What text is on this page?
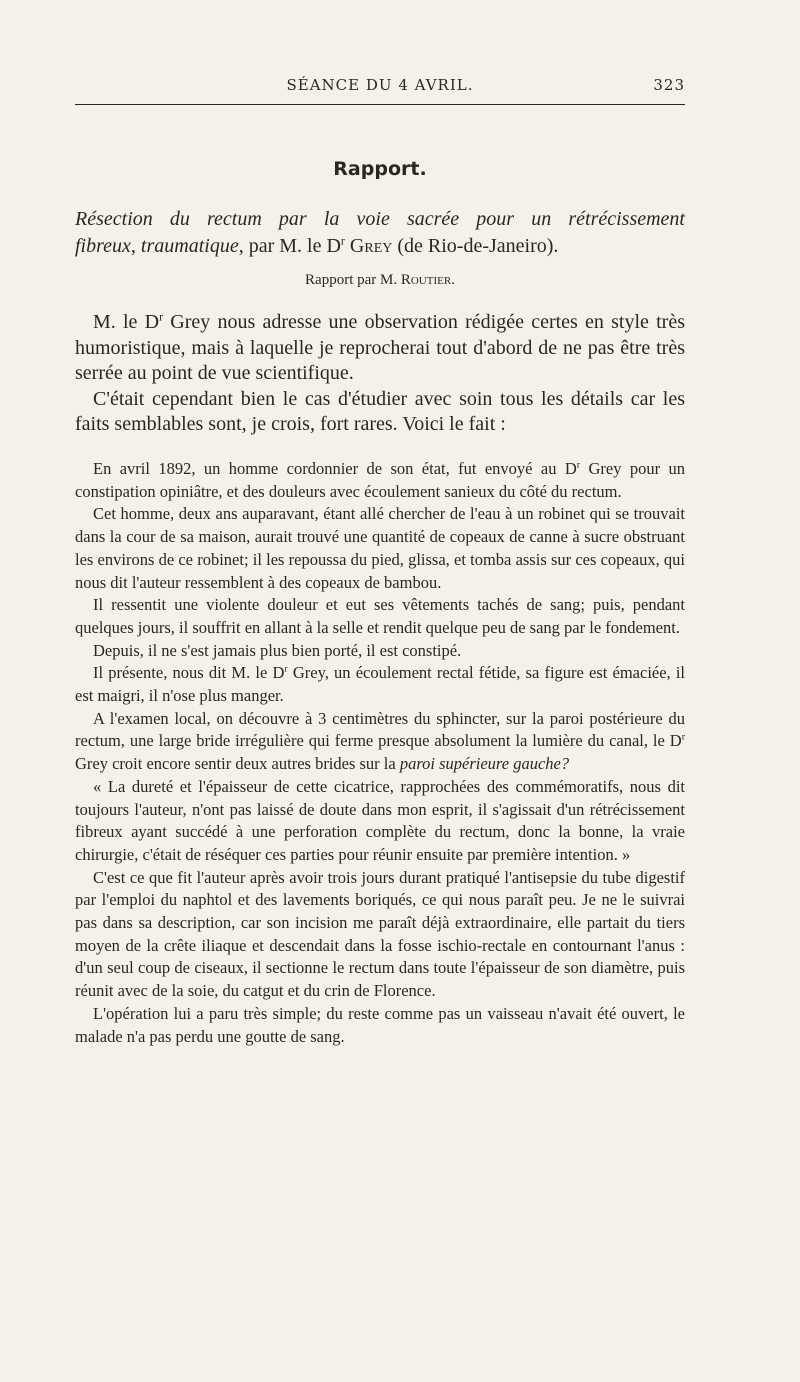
SÉANCE DU 4 AVRIL.	323
Rapport.
Résection du rectum par la voie sacrée pour un rétrécissement
fibreux, traumatique, par M. le $D^r$ Grey (de Rio-de-Janeiro).
Rapport par M. Routier.

M. le $D^r$ Grey nous adresse une observation rédigée certes en style très humoristique, mais à laquelle je reprocherai tout d'abord de ne pas être très serrée au point de vue scientifique.

C'était cependant bien le cas d'étudier avec soin tous les détails car les faits semblables sont, je crois, fort rares. Voici le fait :

En avril 1892, un homme cordonnier de son état, fut envoyé au $D^r$ Grey pour un constipation opiniâtre, et des douleurs avec écoulement sanieux du côté du rectum.

Cet homme, deux ans auparavant, étant allé chercher de l'eau à un robinet qui se trouvait dans la cour de sa maison, aurait trouvé une quantité de copeaux de canne à sucre obstruant les environs de ce robinet; il les repoussa du pied, glissa, et tomba assis sur ces copeaux, qui nous dit l'auteur ressemblent à des copeaux de bambou.

Il ressentit une violente douleur et eut ses vêtements tachés de sang; puis, pendant quelques jours, il souffrit en allant à la selle et rendit quelque peu de sang par le fondement.

Depuis, il ne s'est jamais plus bien porté, il est constipé.

Il présente, nous dit M. le $D^r$ Grey, un écoulement rectal fétide, sa figure est émaciée, il est maigri, il n'ose plus manger.

A l'examen local, on découvre à 3 centimètres du sphincter, sur la paroi postérieure du rectum, une large bride irrégulière qui ferme presque absolument la lumière du canal, le $D^r$ Grey croit encore sentir deux autres brides sur la paroi supérieure gauche?

« La dureté et l'épaisseur de cette cicatrice, rapprochées des commémoratifs, nous dit toujours l'auteur, n'ont pas laissé de doute dans mon esprit, il s'agissait d'un rétrécissement fibreux ayant succédé à une perforation complète du rectum, donc la bonne, la vraie chirurgie, c'était de réséquer ces parties pour réunir ensuite par première intention. »

C'est ce que fit l'auteur après avoir trois jours durant pratiqué l'antisepsie du tube digestif par l'emploi du naphtol et des lavements boriqués, ce qui nous paraît peu. Je ne le suivrai pas dans sa description, car son incision me paraît déjà extraordinaire, elle partait du tiers moyen de la crête iliaque et descendait dans la fosse ischio-rectale en contournant l'anus : d'un seul coup de ciseaux, il sectionne le rectum dans toute l'épaisseur de son diamètre, puis réunit avec de la soie, du catgut et du crin de Florence.

L'opération lui a paru très simple; du reste comme pas un vaisseau n'avait été ouvert, le malade n'a pas perdu une goutte de sang.
